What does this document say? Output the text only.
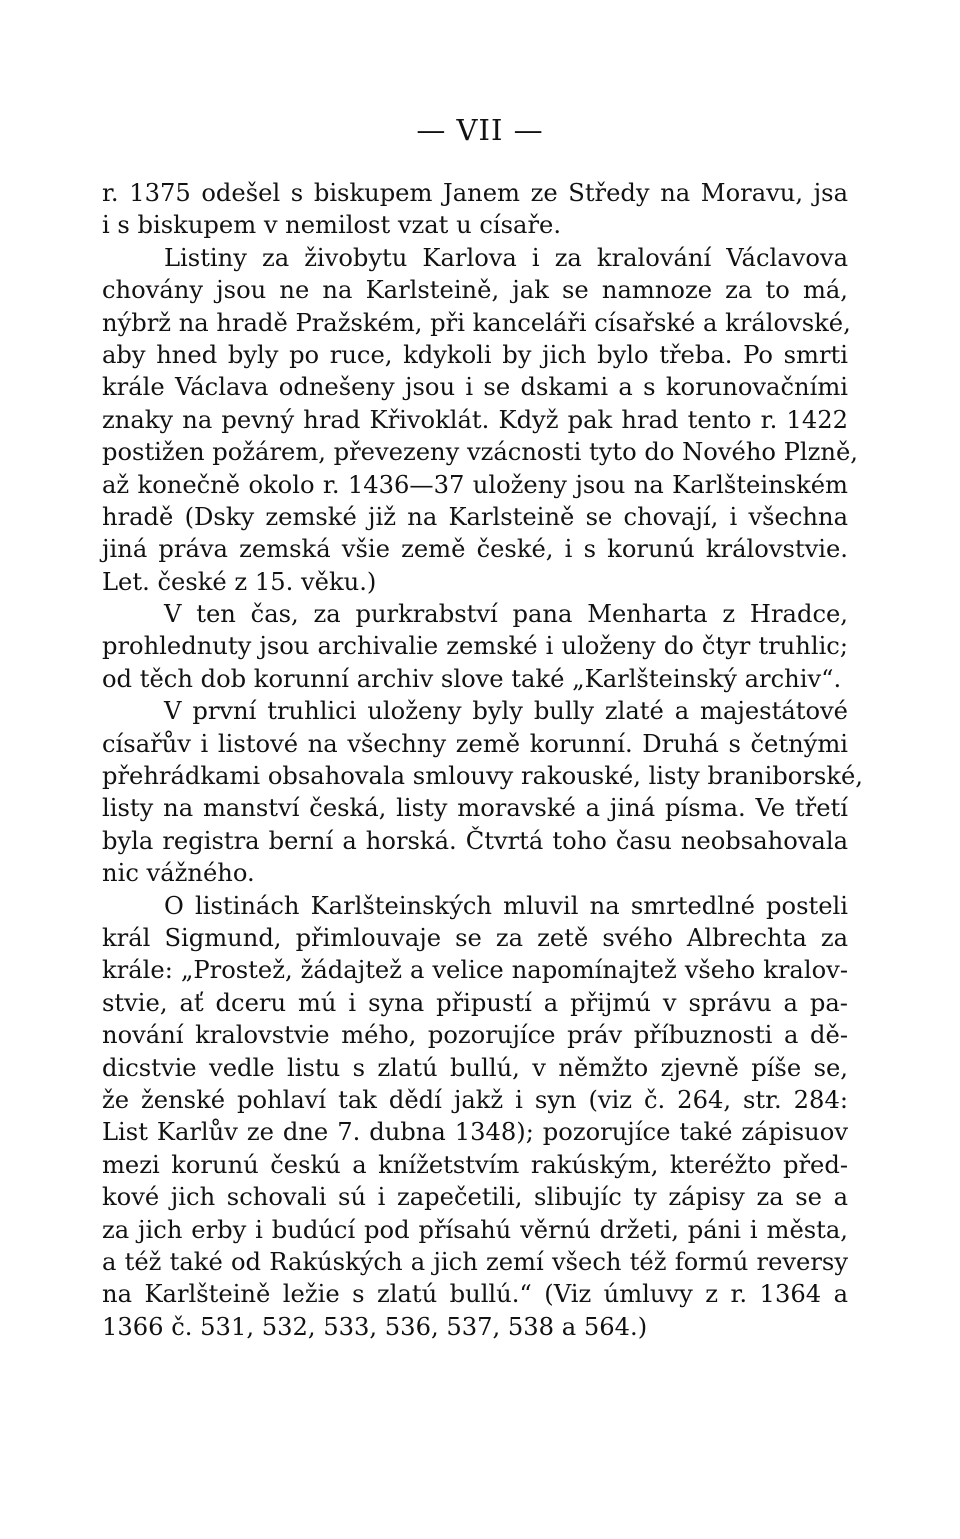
— VII —
r. 1375 odešel s biskupem Janem ze Středy na Moravu, jsa
i s biskupem v nemilost vzat u císaře.
Listiny za živobytu Karlova i za kralování Václavova
chovány jsou ne na Karlsteině, jak se namnoze za to má,
nýbrž na hradě Pražském, při kanceláři císařské a královské,
aby hned byly po ruce, kdykoli by jich bylo třeba. Po smrti
krále Václava odnešeny jsou i se dskami a s korunovačními
znaky na pevný hrad Křivoklát. Když pak hrad tento r. 1422
postižen požárem, převezeny vzácnosti tyto do Nového Plzně,
až konečně okolo r. 1436—37 uloženy jsou na Karlšteinském
hradě (Dsky zemské již na Karlsteině se chovají, i všechna
jiná práva zemská všie země české, i s korunú královstvie.
Let. české z 15. věku.)
V ten čas, za purkrabství pana Menharta z Hradce,
prohlednuty jsou archivalie zemské i uloženy do čtyr truhlic;
od těch dob korunní archiv slove také „Karlšteinský archiv“.
V první truhlici uloženy byly bully zlaté a majestátové
císařův i listové na všechny země korunní. Druhá s četnými
přehrádkami obsahovala smlouvy rakouské, listy braniborské,
listy na manství česká, listy moravské a jiná písma. Ve třetí
byla registra berní a horská. Čtvrtá toho času neobsahovala
nic vážného.
O listinách Karlšteinských mluvil na smrtedlné posteli
král Sigmund, přimlouvaje se za zetě svého Albrechta za
krále: „Prostež, žádajtež a velice napomínajtež všeho kralov-
stvie, ať dceru mú i syna připustí a přijmú v správu a pa-
nování kralovstvie mého, pozorujíce práv příbuznosti a dě-
dicstvie vedle listu s zlatú bullú, v němžto zjevně píše se,
že ženské pohlaví tak dědí jakž i syn (viz č. 264, str. 284:
List Karlův ze dne 7. dubna 1348); pozorujíce také zápisuov
mezi korunú českú a knížetstvím rakúským, kteréžto před-
kové jich schovali sú i zapečetili, slibujíc ty zápisy za se a
za jich erby i budúcí pod přísahú věrnú držeti, páni i města,
a též také od Rakúských a jich zemí všech též formú reversy
na Karlšteině ležie s zlatú bullú.“ (Viz úmluvy z r. 1364 a
1366 č. 531, 532, 533, 536, 537, 538 a 564.)
